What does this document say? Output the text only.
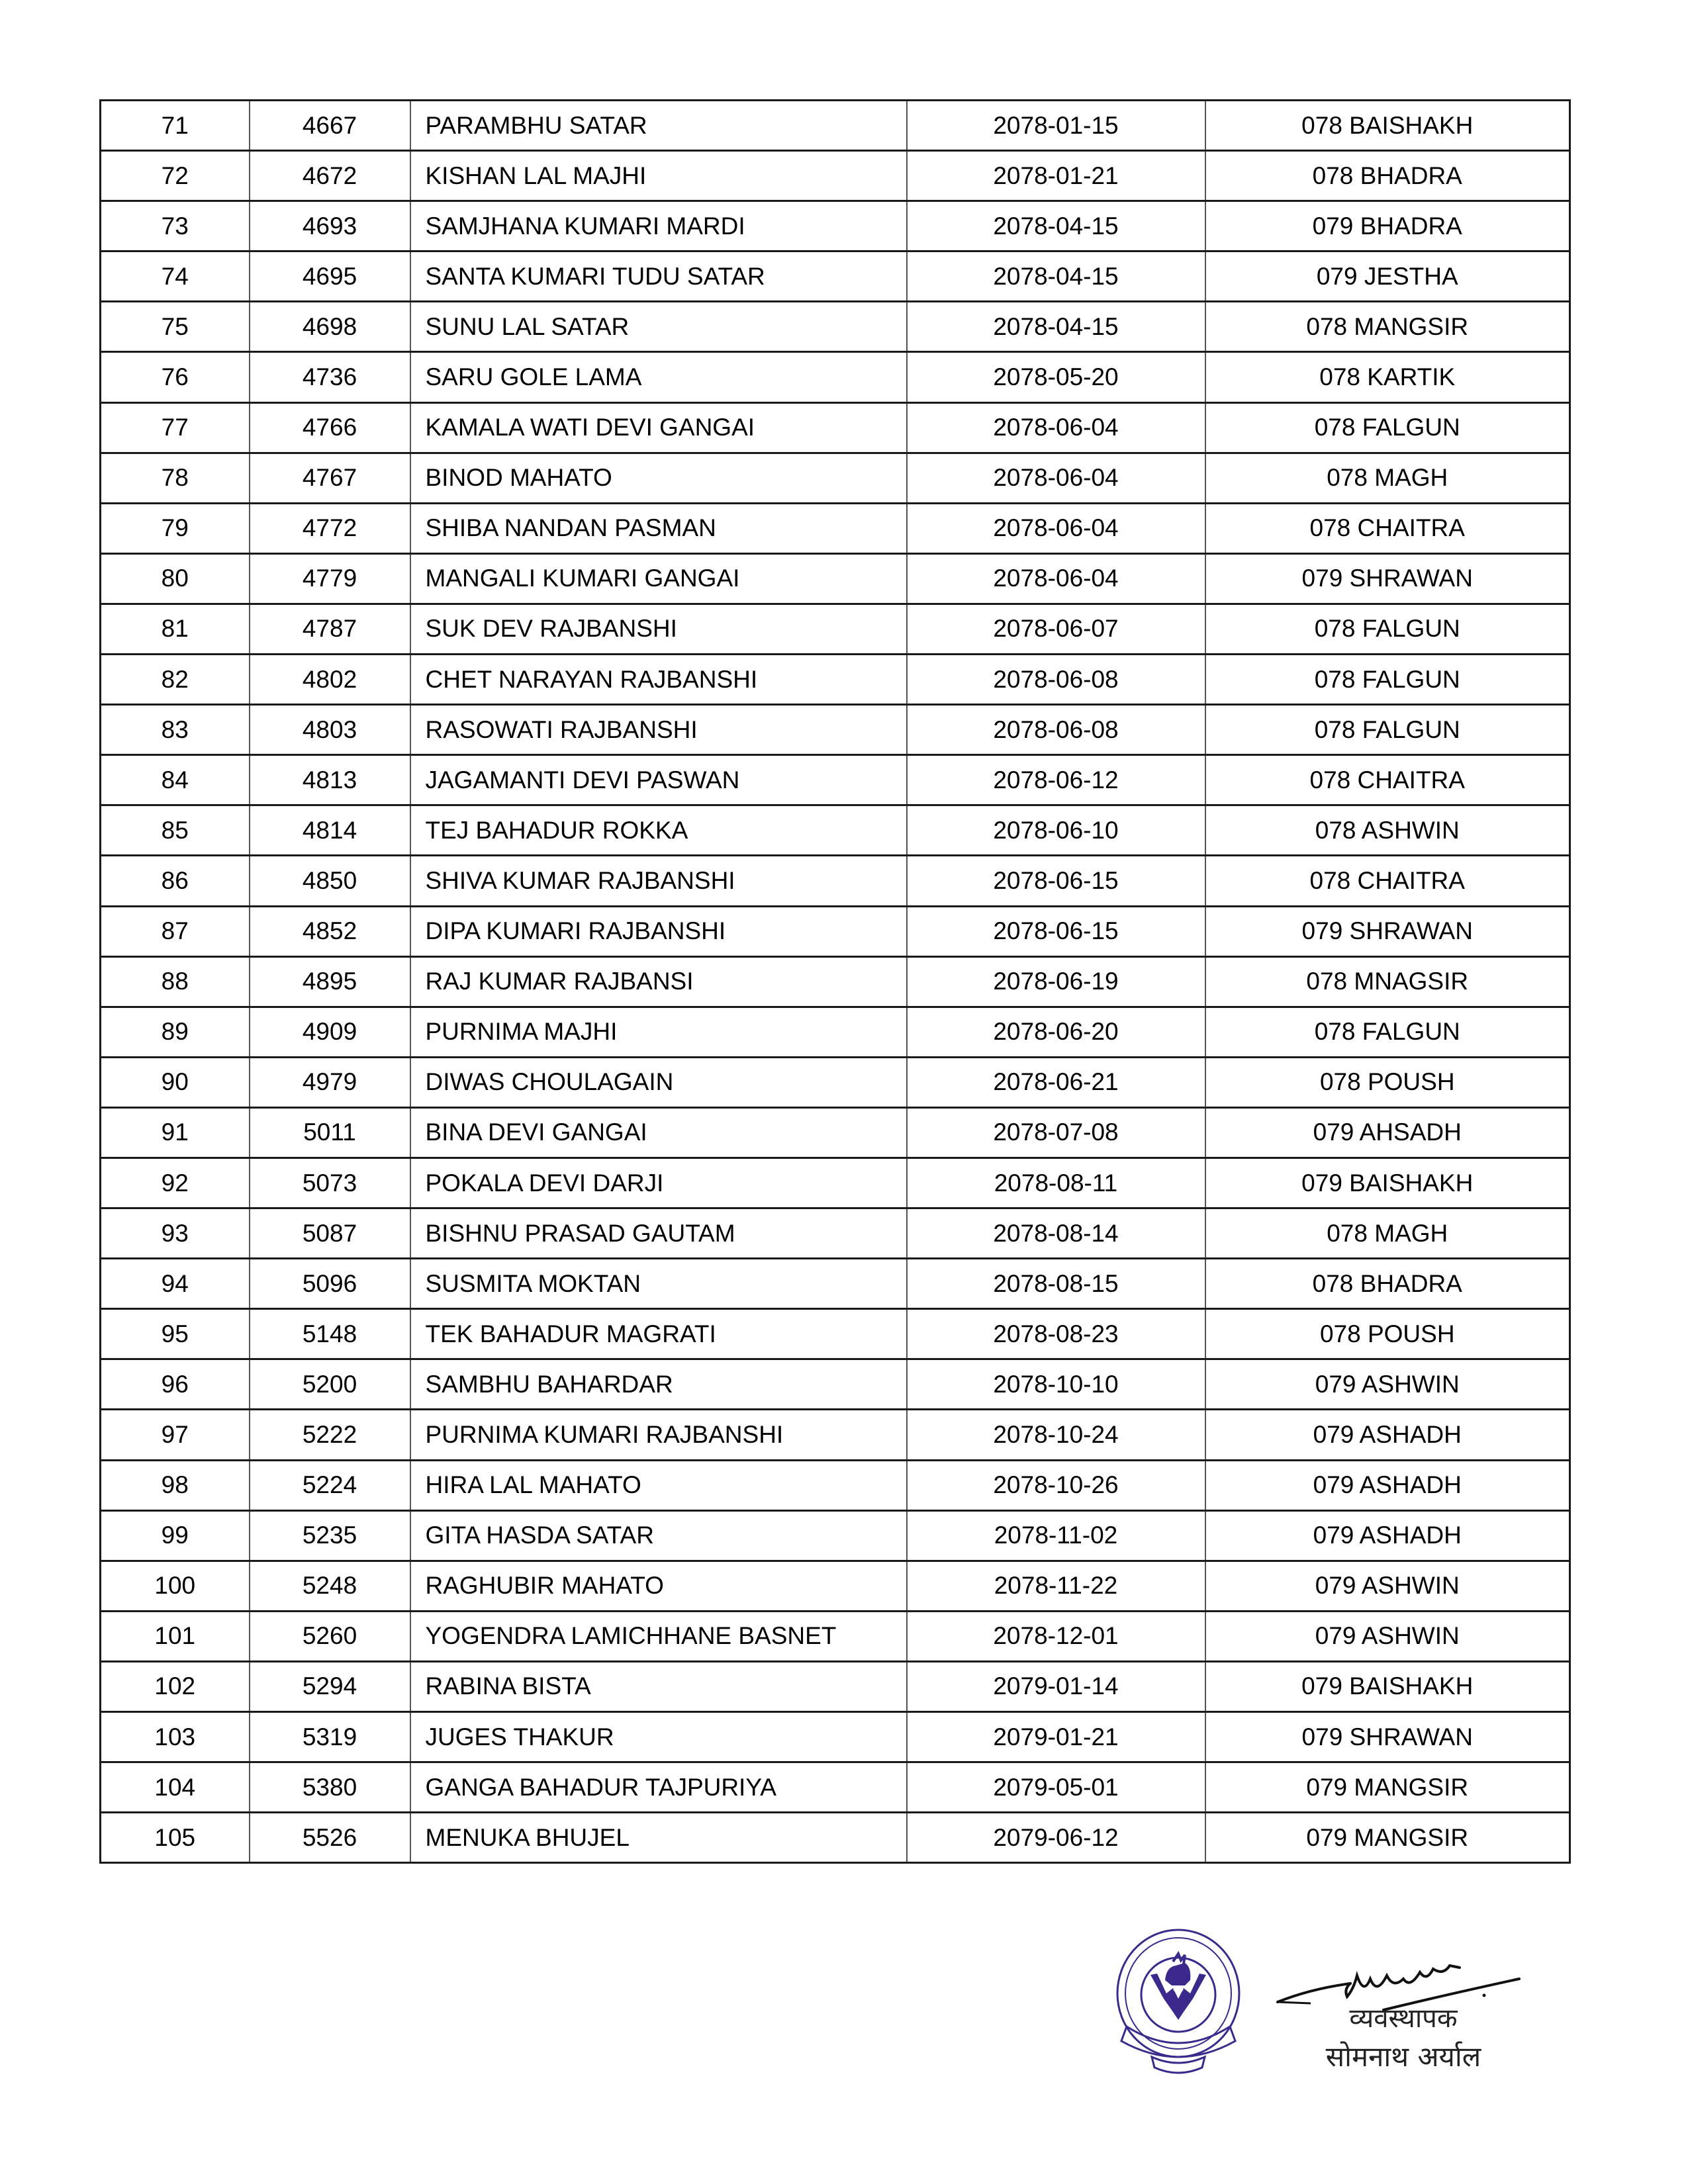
71	4667	PARAMBHU SATAR	2078-01-15	078 BAISHAKH
72	4672	KISHAN LAL MAJHI	2078-01-21	078 BHADRA
73	4693	SAMJHANA KUMARI MARDI	2078-04-15	079 BHADRA
74	4695	SANTA KUMARI TUDU SATAR	2078-04-15	079 JESTHA
75	4698	SUNU LAL SATAR	2078-04-15	078 MANGSIR
76	4736	SARU GOLE LAMA	2078-05-20	078 KARTIK
77	4766	KAMALA WATI DEVI GANGAI	2078-06-04	078 FALGUN
78	4767	BINOD MAHATO	2078-06-04	078 MAGH
79	4772	SHIBA NANDAN PASMAN	2078-06-04	078 CHAITRA
80	4779	MANGALI KUMARI GANGAI	2078-06-04	079 SHRAWAN
81	4787	SUK DEV RAJBANSHI	2078-06-07	078 FALGUN
82	4802	CHET NARAYAN RAJBANSHI	2078-06-08	078 FALGUN
83	4803	RASOWATI RAJBANSHI	2078-06-08	078 FALGUN
84	4813	JAGAMANTI DEVI PASWAN	2078-06-12	078 CHAITRA
85	4814	TEJ BAHADUR ROKKA	2078-06-10	078 ASHWIN
86	4850	SHIVA KUMAR RAJBANSHI	2078-06-15	078 CHAITRA
87	4852	DIPA KUMARI RAJBANSHI	2078-06-15	079 SHRAWAN
88	4895	RAJ KUMAR RAJBANSI	2078-06-19	078 MNAGSIR
89	4909	PURNIMA MAJHI	2078-06-20	078 FALGUN
90	4979	DIWAS CHOULAGAIN	2078-06-21	078 POUSH
91	5011	BINA DEVI GANGAI	2078-07-08	079 AHSADH
92	5073	POKALA DEVI DARJI	2078-08-11	079 BAISHAKH
93	5087	BISHNU PRASAD GAUTAM	2078-08-14	078 MAGH
94	5096	SUSMITA MOKTAN	2078-08-15	078 BHADRA
95	5148	TEK BAHADUR MAGRATI	2078-08-23	078 POUSH
96	5200	SAMBHU BAHARDAR	2078-10-10	079 ASHWIN
97	5222	PURNIMA KUMARI RAJBANSHI	2078-10-24	079 ASHADH
98	5224	HIRA LAL MAHATO	2078-10-26	079 ASHADH
99	5235	GITA HASDA SATAR	2078-11-02	079 ASHADH
100	5248	RAGHUBIR MAHATO	2078-11-22	079 ASHWIN
101	5260	YOGENDRA LAMICHHANE BASNET	2078-12-01	079 ASHWIN
102	5294	RABINA BISTA	2079-01-14	079 BAISHAKH
103	5319	JUGES THAKUR	2079-01-21	079 SHRAWAN
104	5380	GANGA BAHADUR TAJPURIYA	2079-05-01	079 MANGSIR
105	5526	MENUKA BHUJEL	2079-06-12	079 MANGSIR
व्यवस्थापक
सोमनाथ अर्याल
